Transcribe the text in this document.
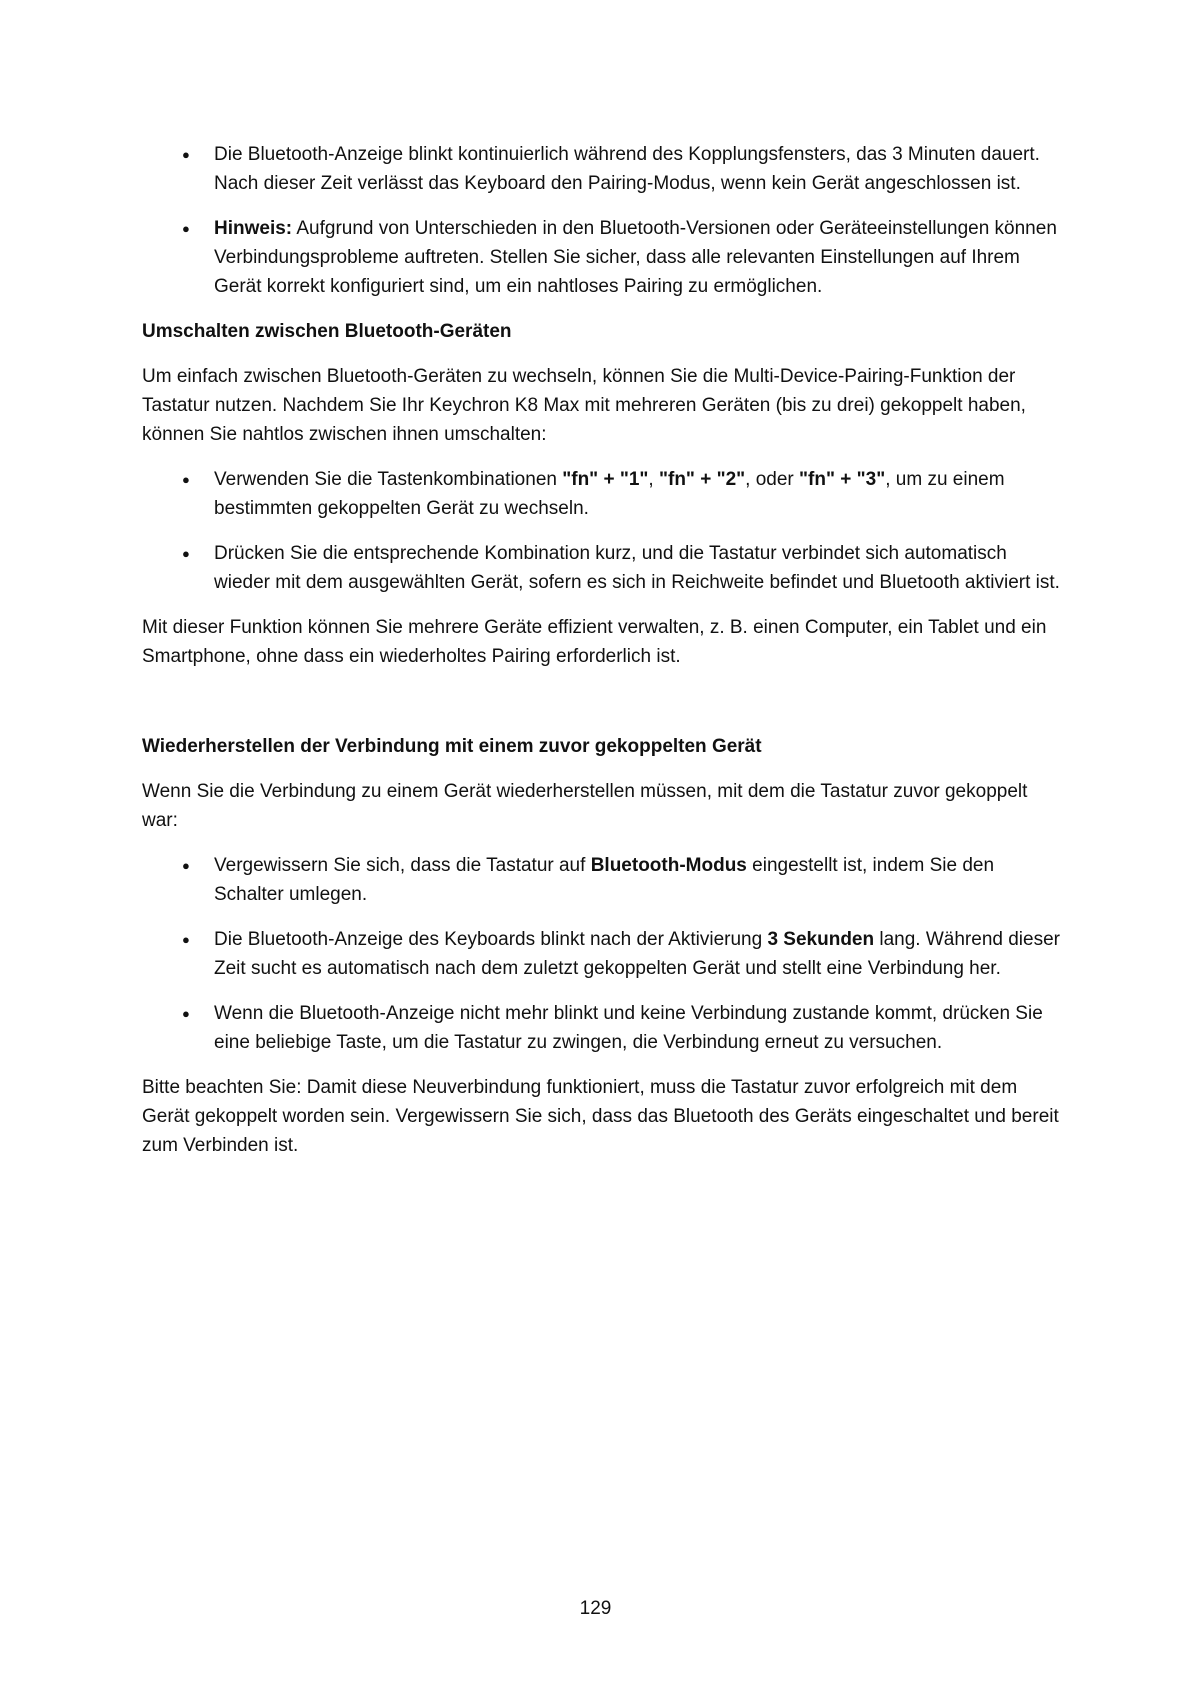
● Die Bluetooth-Anzeige blinkt kontinuierlich während des Kopplungsfensters, das 3 Minuten dauert. Nach dieser Zeit verlässt das Keyboard den Pairing-Modus, wenn kein Gerät angeschlossen ist.
● Hinweis: Aufgrund von Unterschieden in den Bluetooth-Versionen oder Geräteeinstellungen können Verbindungsprobleme auftreten. Stellen Sie sicher, dass alle relevanten Einstellungen auf Ihrem Gerät korrekt konfiguriert sind, um ein nahtloses Pairing zu ermöglichen.
Umschalten zwischen Bluetooth-Geräten

Um einfach zwischen Bluetooth-Geräten zu wechseln, können Sie die Multi-Device-Pairing-Funktion der Tastatur nutzen. Nachdem Sie Ihr Keychron K8 Max mit mehreren Geräten (bis zu drei) gekoppelt haben, können Sie nahtlos zwischen ihnen umschalten:

● Verwenden Sie die Tastenkombinationen "fn" + "1", "fn" + "2", oder "fn" + "3", um zu einem bestimmten gekoppelten Gerät zu wechseln.
● Drücken Sie die entsprechende Kombination kurz, und die Tastatur verbindet sich automatisch wieder mit dem ausgewählten Gerät, sofern es sich in Reichweite befindet und Bluetooth aktiviert ist.

Mit dieser Funktion können Sie mehrere Geräte effizient verwalten, z. B. einen Computer, ein Tablet und ein Smartphone, ohne dass ein wiederholtes Pairing erforderlich ist.

Wiederherstellen der Verbindung mit einem zuvor gekoppelten Gerät

Wenn Sie die Verbindung zu einem Gerät wiederherstellen müssen, mit dem die Tastatur zuvor gekoppelt war:

● Vergewissern Sie sich, dass die Tastatur auf Bluetooth-Modus eingestellt ist, indem Sie den Schalter umlegen.
● Die Bluetooth-Anzeige des Keyboards blinkt nach der Aktivierung 3 Sekunden lang. Während dieser Zeit sucht es automatisch nach dem zuletzt gekoppelten Gerät und stellt eine Verbindung her.
● Wenn die Bluetooth-Anzeige nicht mehr blinkt und keine Verbindung zustande kommt, drücken Sie eine beliebige Taste, um die Tastatur zu zwingen, die Verbindung erneut zu versuchen.

Bitte beachten Sie: Damit diese Neuverbindung funktioniert, muss die Tastatur zuvor erfolgreich mit dem Gerät gekoppelt worden sein. Vergewissern Sie sich, dass das Bluetooth des Geräts eingeschaltet und bereit zum Verbinden ist.

129
